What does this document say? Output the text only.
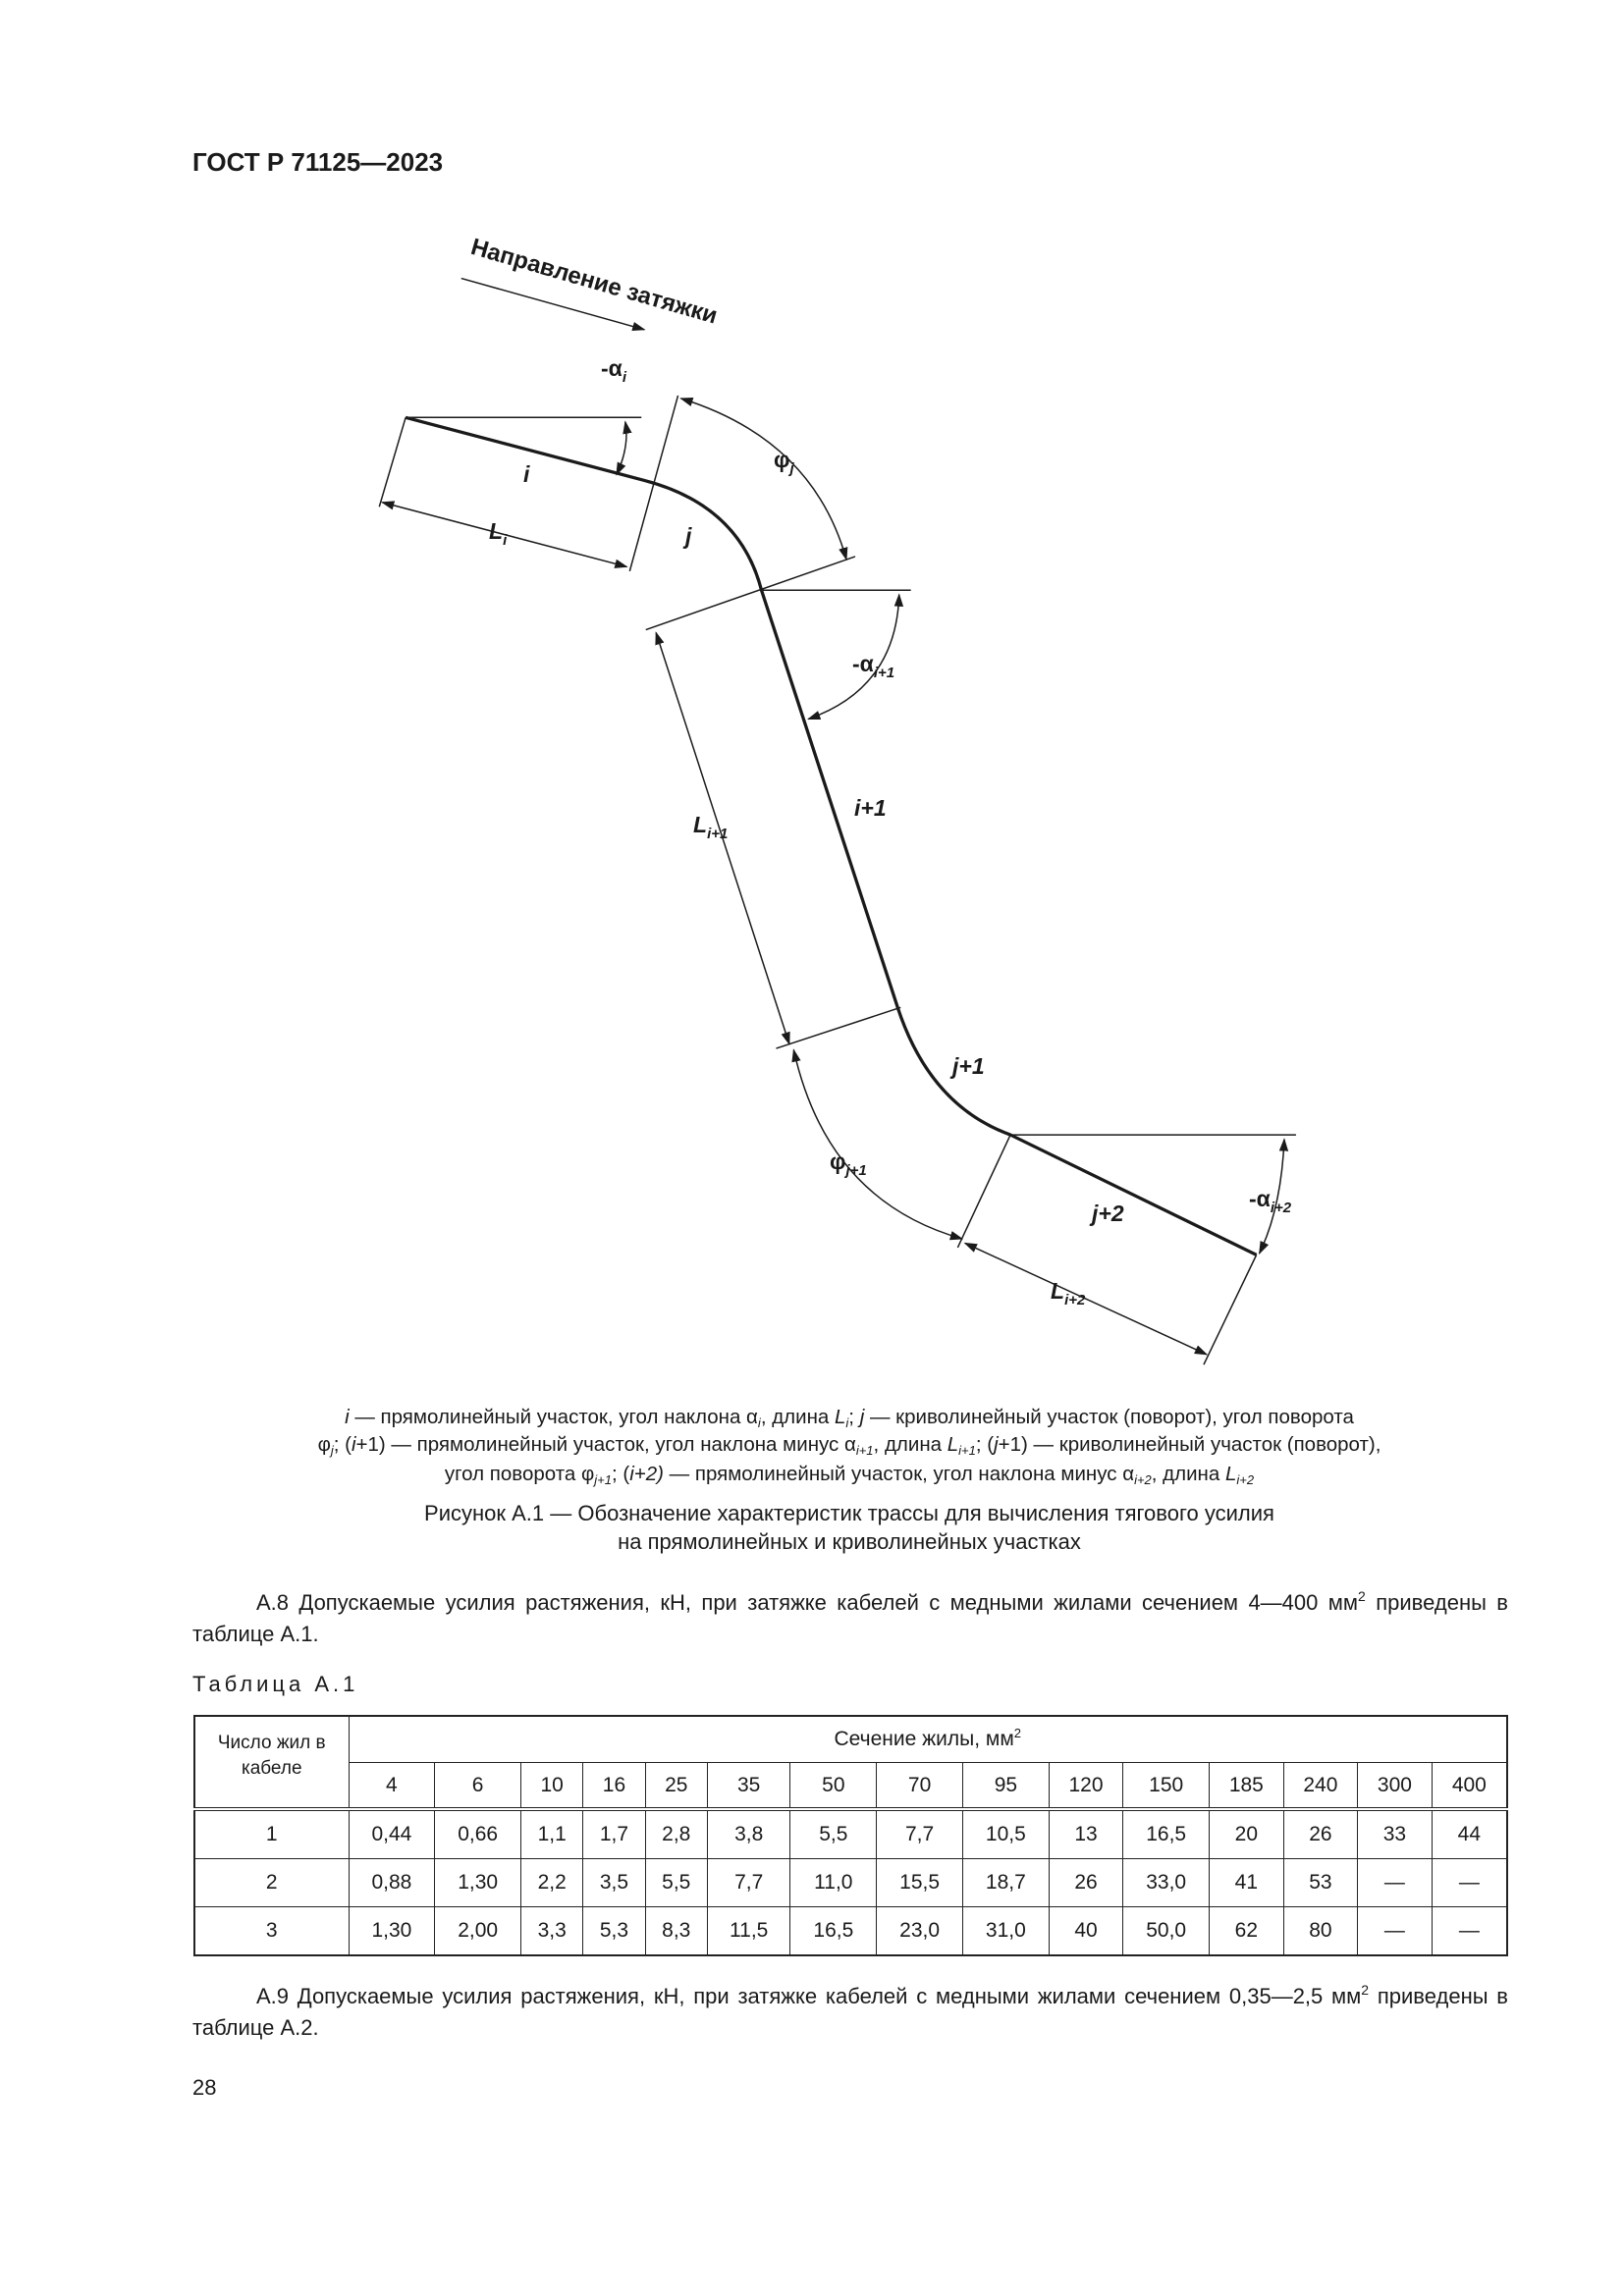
ГОСТ Р 71125—2023
Направление затяжки
$-\alpha_i$
$\varphi_j$
i
$L_i$	j
$-\alpha_{i+1}$
$L_{i+1}$
i+1
j+1
$\varphi_{j+1}$
j+2
$-\alpha_{i+2}$
$L_{i+2}$
i — прямолинейный участок, угол наклона $\alpha_i$, длина $L_i$; j — криволинейный участок (поворот), угол поворота
$\varphi_j$; (i+1) — прямолинейный участок, угол наклона минус $\alpha_{i+1}$, длина $L_{i+1}$; (j+1) — криволинейный участок (поворот),
угол поворота $\varphi_{j+1}$; (i+2) — прямолинейный участок, угол наклона минус $\alpha_{i+2}$, длина $L_{i+2}$
Рисунок А.1 — Обозначение характеристик трассы для вычисления тягового усилия
на прямолинейных и криволинейных участках
А.8 Допускаемые усилия растяжения, кН, при затяжке кабелей с медными жилами сечением 4—400 $мм^2$ приведены в таблице А.1.
Таблица А.1
Число жил в кабеле	Сечение жилы, $мм^2$
	4	6	10	16	25	35	50	70	95	120	150	185	240	300	400
1	0,44	0,66	1,1	1,7	2,8	3,8	5,5	7,7	10,5	13	16,5	20	26	33	44
2	0,88	1,30	2,2	3,5	5,5	7,7	11,0	15,5	18,7	26	33,0	41	53	—	—
3	1,30	2,00	3,3	5,3	8,3	11,5	16,5	23,0	31,0	40	50,0	62	80	—	—
А.9 Допускаемые усилия растяжения, кН, при затяжке кабелей с медными жилами сечением 0,35—2,5 $мм^2$ приведены в таблице А.2.
28
